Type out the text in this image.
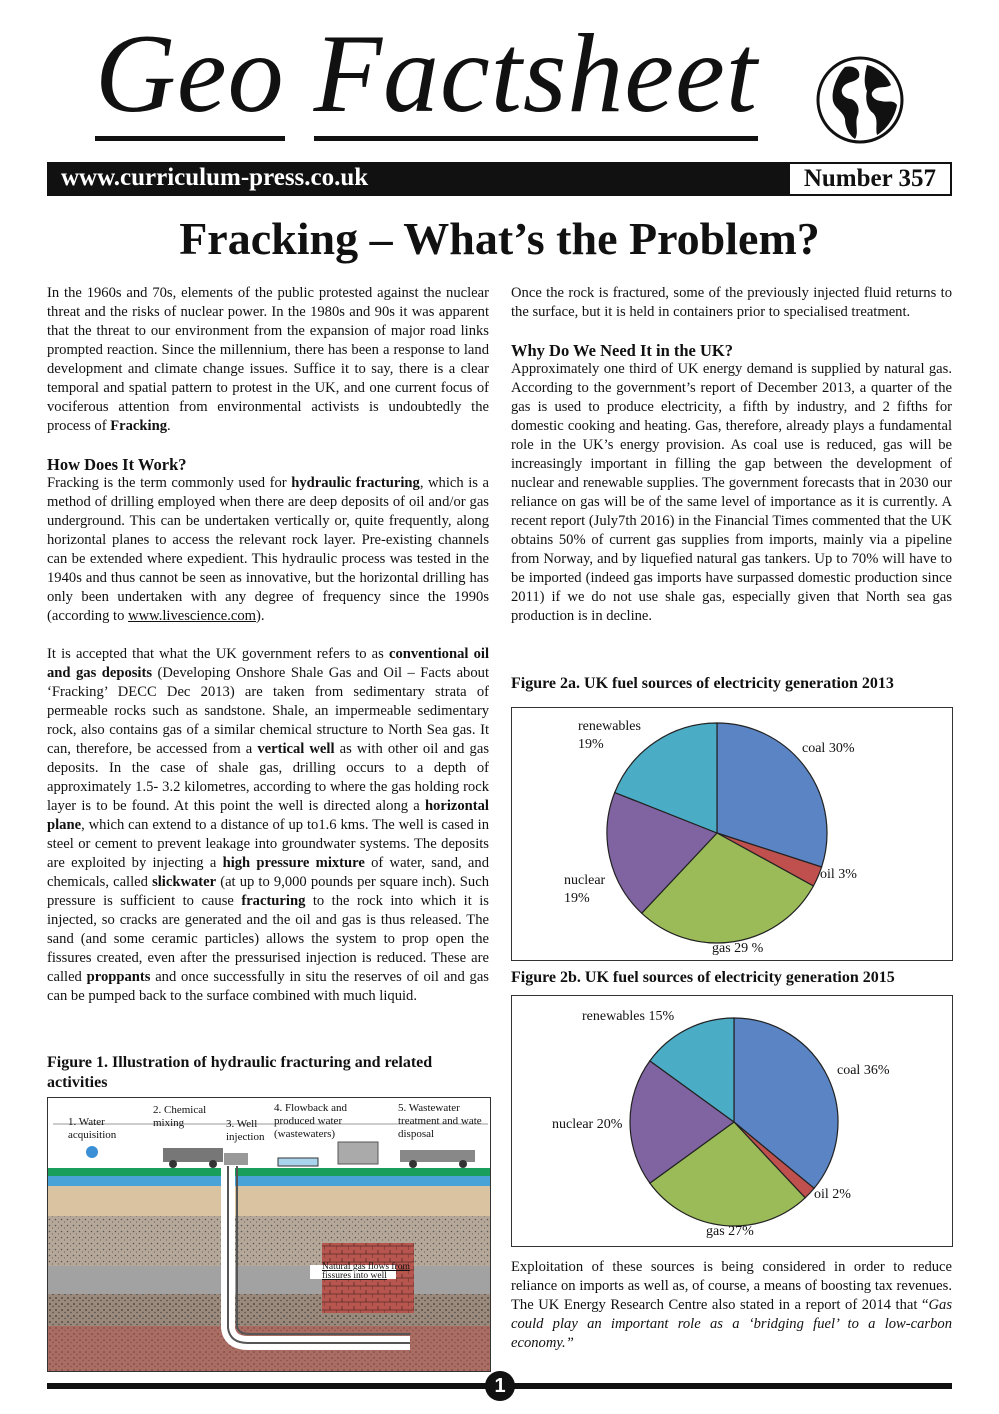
Geo Factsheet
www.curriculum-press.co.uk	Number 357
Fracking – What’s the Problem?

In the 1960s and 70s, elements of the public protested against the nuclear threat and the risks of nuclear power. In the 1980s and 90s it was apparent that the threat to our environment from the expansion of major road links prompted reaction. Since the millennium, there has been a response to land development and climate change issues. Suffice it to say, there is a clear temporal and spatial pattern to protest in the UK, and one current focus of vociferous attention from environmental activists is undoubtedly the process of Fracking.

How Does It Work?

Fracking is the term commonly used for hydraulic fracturing, which is a method of drilling employed when there are deep deposits of oil and/or gas underground. This can be undertaken vertically or, quite frequently, along horizontal planes to access the relevant rock layer. Pre-existing channels can be extended where expedient. This hydraulic process was tested in the 1940s and thus cannot be seen as innovative, but the horizontal drilling has only been undertaken with any degree of frequency since the 1990s (according to www.livescience.com).

It is accepted that what the UK government refers to as conventional oil and gas deposits (Developing Onshore Shale Gas and Oil – Facts about ‘Fracking’ DECC Dec 2013) are taken from sedimentary strata of permeable rocks such as sandstone. Shale, an impermeable sedimentary rock, also contains gas of a similar chemical structure to North Sea gas. It can, therefore, be accessed from a vertical well as with other oil and gas deposits. In the case of shale gas, drilling occurs to a depth of approximately 1.5- 3.2 kilometres, according to where the gas holding rock layer is to be found. At this point the well is directed along a horizontal plane, which can extend to a distance of up to1.6 kms. The well is cased in steel or cement to prevent leakage into groundwater systems. The deposits are exploited by injecting a high pressure mixture of water, sand, and chemicals, called slickwater (at up to 9,000 pounds per square inch). Such pressure is sufficient to cause fracturing to the rock into which it is injected, so cracks are generated and the oil and gas is thus released. The sand (and some ceramic particles) allows the system to prop open the fissures created, even after the pressurised injection is reduced. These are called proppants and once successfully in situ the reserves of oil and gas can be pumped back to the surface combined with much liquid.

Figure 1. Illustration of hydraulic fracturing and related activities
1. Water acquisition
2. Chemical mixing	3. Well injection
4. Flowback and produced water (wastewaters)
5. Wastewater treatment and wate disposal
Natural gas flows from fissures into well

Once the rock is fractured, some of the previously injected fluid returns to the surface, but it is held in containers prior to specialised treatment.

Why Do We Need It in the UK?

Approximately one third of UK energy demand is supplied by natural gas. According to the government’s report of December 2013, a quarter of the gas is used to produce electricity, a fifth by industry, and 2 fifths for domestic cooking and heating. Gas, therefore, already plays a fundamental role in the UK’s energy provision. As coal use is reduced, gas will be increasingly important in filling the gap between the development of nuclear and renewable supplies. The government forecasts that in 2030 our reliance on gas will be of the same level of importance as it is currently. A recent report (July7th 2016) in the Financial Times commented that the UK obtains 50% of current gas supplies from imports, mainly via a pipeline from Norway, and by liquefied natural gas tankers. Up to 70% will have to be imported (indeed gas imports have surpassed domestic production since 2011) if we do not use shale gas, especially given that North sea gas production is in decline.

Figure 2a. UK fuel sources of electricity generation 2013
coal 30%
oil 3%
gas 29 %
nuclear 19%
renewables 19%
Figure 2b. UK fuel sources of electricity generation 2015
coal 36%
oil 2%
gas 27%
nuclear 20%
renewables 15%
Exploitation of these sources is being considered in order to reduce reliance on imports as well as, of course, a means of boosting tax revenues. The UK Energy Research Centre also stated in a report of 2014 that “Gas could play an important role as a ‘bridging fuel’ to a low-carbon economy.”
1
